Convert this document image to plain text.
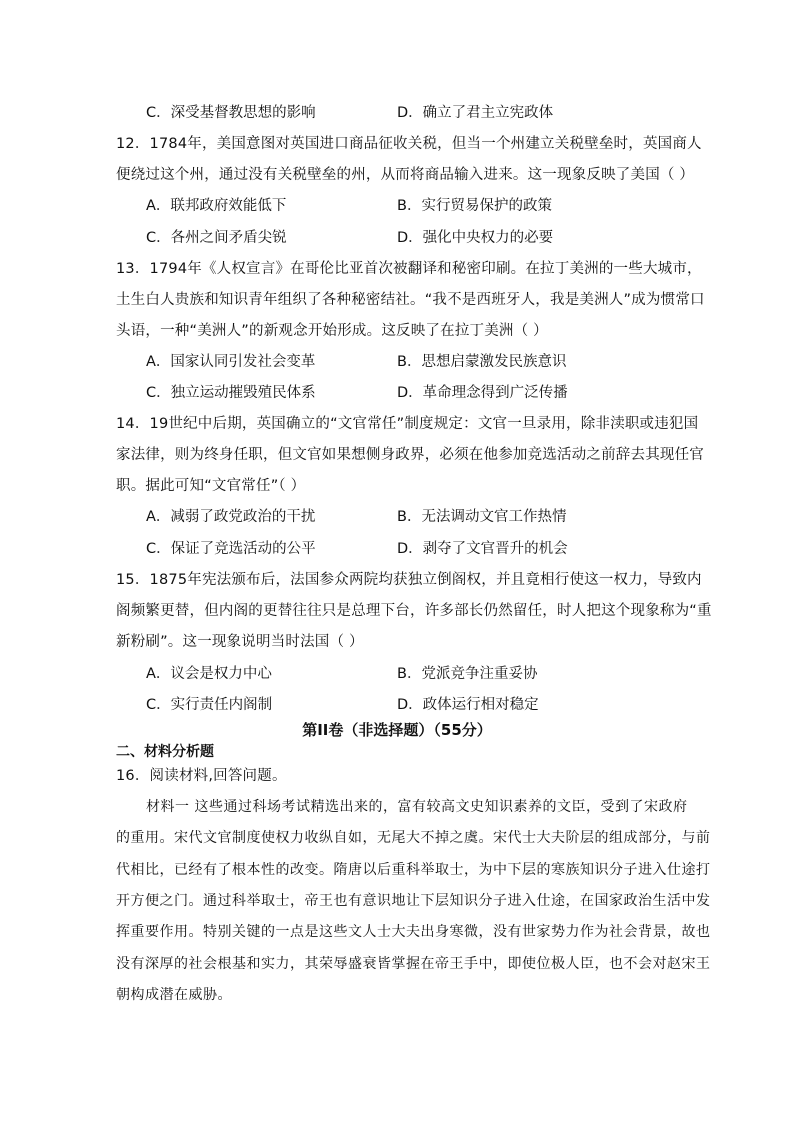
C．深受基督教思想的影响	D．确立了君主立宪政体
12．1784年，美国意图对英国进口商品征收关税，但当一个州建立关税壁垒时，英国商人
便绕过这个州，通过没有关税壁垒的州，从而将商品输入进来。这一现象反映了美国（ ）
A．联邦政府效能低下	B．实行贸易保护的政策
C．各州之间矛盾尖锐	D．强化中央权力的必要
13．1794年《人权宣言》在哥伦比亚首次被翻译和秘密印刷。在拉丁美洲的一些大城市，
土生白人贵族和知识青年组织了各种秘密结社。“我不是西班牙人，我是美洲人”成为惯常口
头语，一种“美洲人”的新观念开始形成。这反映了在拉丁美洲（ ）
A．国家认同引发社会变革	B．思想启蒙激发民族意识
C．独立运动摧毁殖民体系	D．革命理念得到广泛传播
14．19世纪中后期，英国确立的“文官常任”制度规定：文官一旦录用，除非渎职或违犯国
家法律，则为终身任职，但文官如果想侧身政界，必须在他参加竞选活动之前辞去其现任官
职。据此可知“文官常任”（ ）
A．减弱了政党政治的干扰	B．无法调动文官工作热情
C．保证了竞选活动的公平	D．剥夺了文官晋升的机会
15．1875年宪法颁布后，法国参众两院均获独立倒阁权，并且竟相行使这一权力，导致内
阁频繁更替，但内阁的更替往往只是总理下台，许多部长仍然留任，时人把这个现象称为“重
新粉刷”。这一现象说明当时法国（ ）
A．议会是权力中心	B．党派竞争注重妥协
C．实行责任内阁制	D．政体运行相对稳定
第II卷（非选择题）（55分）
二、材料分析题
16．阅读材料,回答问题。
材料一 这些通过科场考试精选出来的，富有较高文史知识素养的文臣，受到了宋政府
的重用。宋代文官制度使权力收纵自如，无尾大不掉之虞。宋代士大夫阶层的组成部分，与前
代相比，已经有了根本性的改变。隋唐以后重科举取士，为中下层的寒族知识分子进入仕途打
开方便之门。通过科举取士，帝王也有意识地让下层知识分子进入仕途，在国家政治生活中发
挥重要作用。特别关键的一点是这些文人士大夫出身寒微，没有世家势力作为社会背景，故也
没有深厚的社会根基和实力，其荣辱盛衰皆掌握在帝王手中，即使位极人臣，也不会对赵宋王
朝构成潜在威胁。
